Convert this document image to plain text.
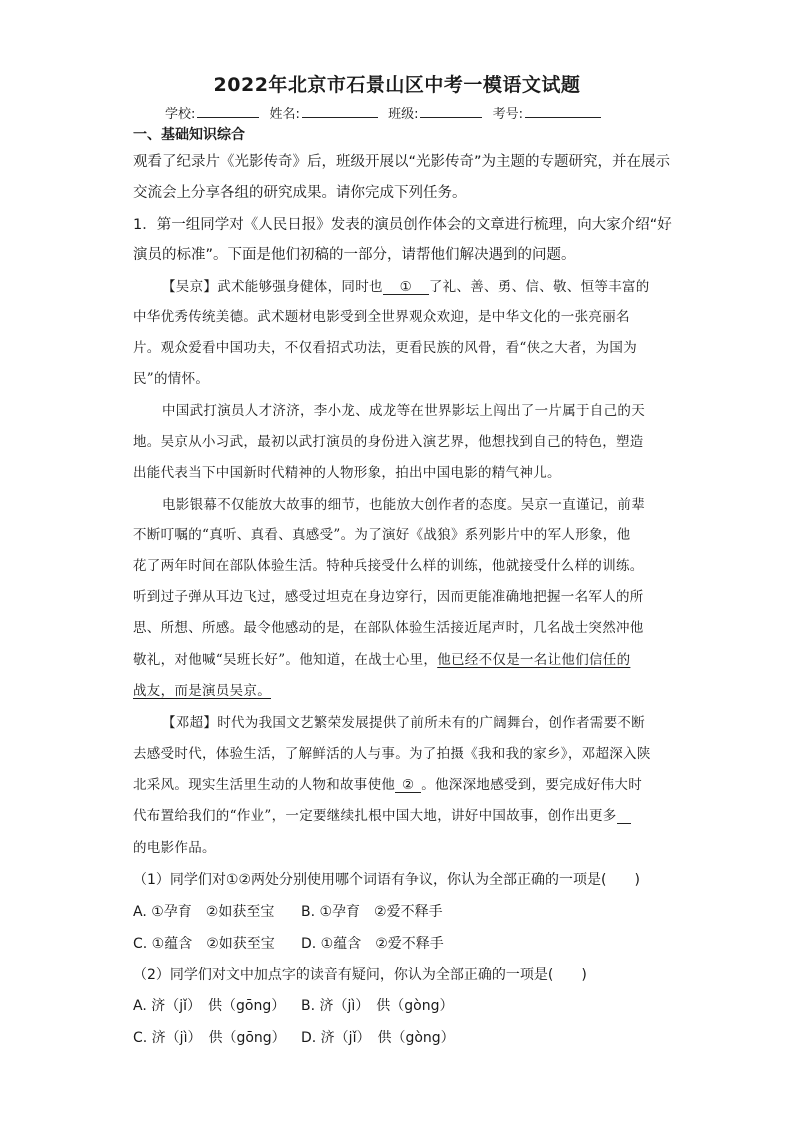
2022年北京市石景山区中考一模语文试题
学校:	姓名:	班级:	考号:
一、基础知识综合
观看了纪录片《光影传奇》后，班级开展以“光影传奇”为主题的专题研究，并在展示
交流会上分享各组的研究成果。请你完成下列任务。
1．第一组同学对《人民日报》发表的演员创作体会的文章进行梳理，向大家介绍“好
演员的标准”。下面是他们初稿的一部分，请帮他们解决遇到的问题。
【吴京】武术能够强身健体，同时也 ① 了礼、善、勇、信、敬、恒等丰富的
中华优秀传统美德。武术题材电影受到全世界观众欢迎，是中华文化的一张亮丽名
片。观众爱看中国功夫，不仅看招式功法，更看民族的风骨，看“侠之大者，为国为
民”的情怀。
中国武打演员人才济济，李小龙、成龙等在世界影坛上闯出了一片属于自己的天
地。吴京从小习武，最初以武打演员的身份进入演艺界，他想找到自己的特色，塑造
出能代表当下中国新时代精神的人物形象，拍出中国电影的精气神儿。
电影银幕不仅能放大故事的细节，也能放大创作者的态度。吴京一直谨记，前辈
不断叮嘱的“真听、真看、真感受”。为了演好《战狼》系列影片中的军人形象，他
花了两年时间在部队体验生活。特种兵接受什么样的训练，他就接受什么样的训练。
听到过子弹从耳边飞过，感受过坦克在身边穿行，因而更能准确地把握一名军人的所
思、所想、所感。最令他感动的是，在部队体验生活接近尾声时，几名战士突然冲他
敬礼，对他喊“吴班长好”。他知道，在战士心里，他已经不仅是一名让他们信任的
战友，而是演员吴京。
【邓超】时代为我国文艺繁荣发展提供了前所未有的广阔舞台，创作者需要不断
去感受时代，体验生活，了解鲜活的人与事。为了拍摄《我和我的家乡》，邓超深入陕
北采风。现实生活里生动的人物和故事使他 ② 。他深深地感受到，要完成好伟大时
代布置给我们的“作业”，一定要继续扎根中国大地，讲好中国故事，创作出更多
的电影作品。
（1）同学们对①②两处分别使用哪个词语有争议，你认为全部正确的一项是(　　)
A. ①孕育　②如获至宝 B. ①孕育　②爱不释手
C. ①蕴含　②如获至宝 D. ①蕴含　②爱不释手
（2）同学们对文中加点字的读音有疑问，你认为全部正确的一项是(　　)
A. 济（jǐ）　供（gōng） B. 济（jì）　供（gòng）
C. 济（jì）　供（gōng） D. 济（jǐ）　供（gòng）
